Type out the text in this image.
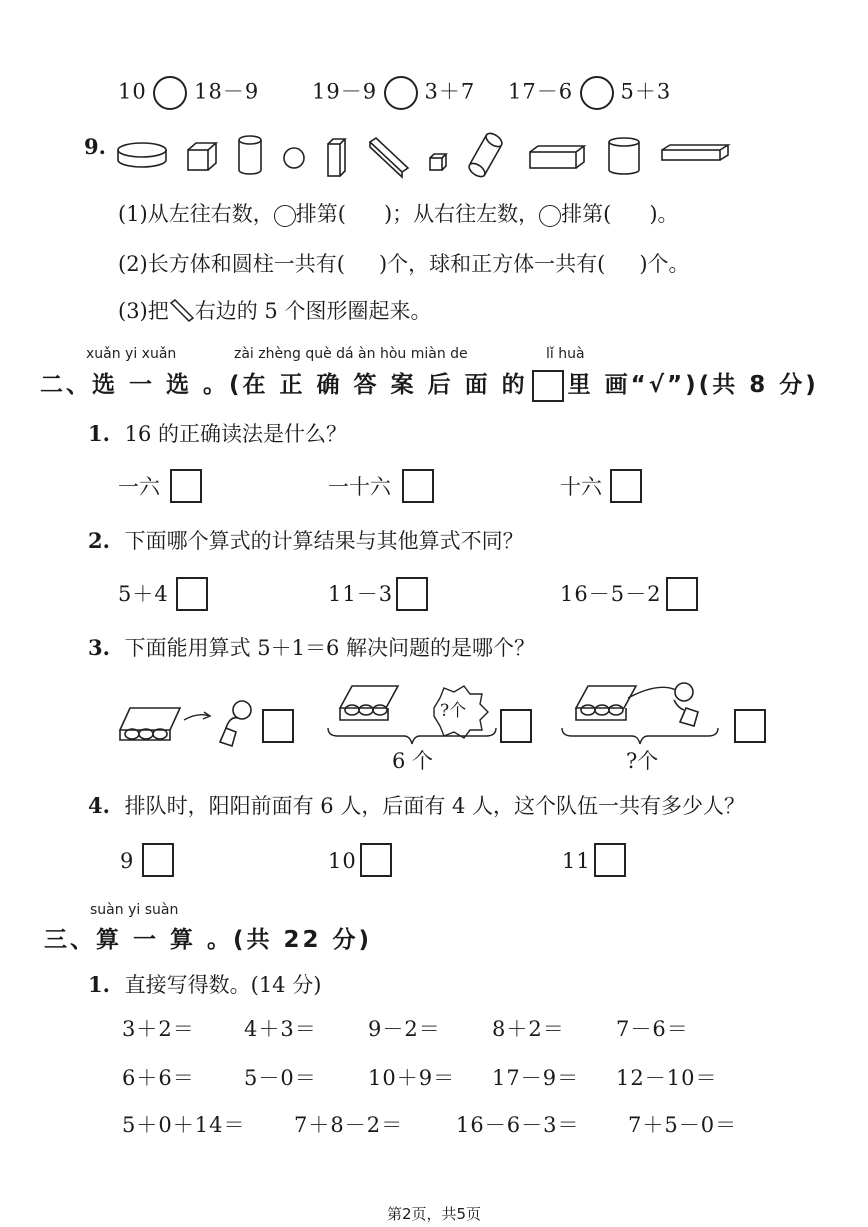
10 18－9	19－9 3＋7 17－6 5＋3
9.
(1)从左往右数， 排第( )；从右往左数， 排第( )。
(2)长方体和圆柱一共有( )个，球和正方体一共有( )个。
(3)把 右边的 5 个图形圈起来。
xuǎn yi xuǎn	zài zhèng què dá àn hòu miàn de	lǐ huà
二、选 一 选 。(在 正 确 答 案 后 面 的 里 画“√”)(共 8 分)
1. 16 的正确读法是什么？
一六	一十六	十六
2. 下面哪个算式的计算结果与其他算式不同？
5＋4	11－3	16－5－2
3. 下面能用算式 5＋1＝6 解决问题的是哪个？
?个
6 个	?个
4. 排队时，阳阳前面有 6 人，后面有 4 人，这个队伍一共有多少人？
9	10	11
suàn yi suàn
三、算 一 算 。(共 22 分)
1. 直接写得数。(14 分)
3＋2＝ 4＋3＝ 9－2＝ 8＋2＝ 7－6＝
6＋6＝ 5－0＝ 10＋9＝ 17－9＝ 12－10＝
5＋0＋14＝ 7＋8－2＝	16－6－3＝ 7＋5－0＝
第2页，共5页
